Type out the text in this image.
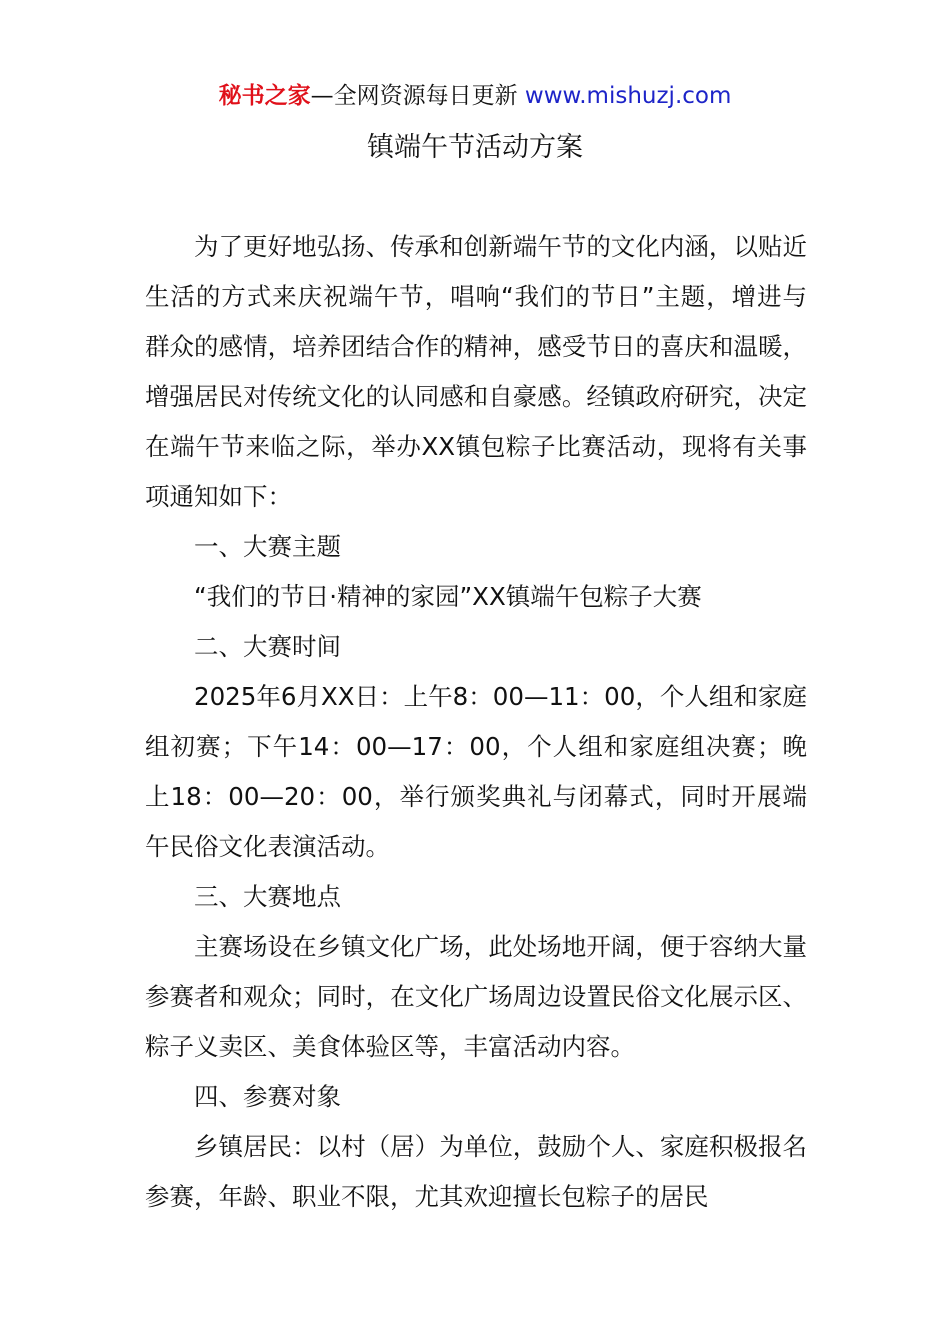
秘书之家—全网资源每日更新 www.mishuzj.com
镇端午节活动方案

为了更好地弘扬、传承和创新端午节的文化内涵，以贴近生活的方式来庆祝端午节，唱响“我们的节日”主题，增进与群众的感情，培养团结合作的精神，感受节日的喜庆和温暖，增强居民对传统文化的认同感和自豪感。经镇政府研究，决定在端午节来临之际，举办XX镇包粽子比赛活动，现将有关事项通知如下：

一、大赛主题

“我们的节日·精神的家园”XX镇端午包粽子大赛

二、大赛时间

2025年6月XX日：上午8：00—11：00，个人组和家庭组初赛；下午14：00—17：00，个人组和家庭组决赛；晚上18：00—20：00，举行颁奖典礼与闭幕式，同时开展端午民俗文化表演活动。

三、大赛地点

主赛场设在乡镇文化广场，此处场地开阔，便于容纳大量参赛者和观众；同时，在文化广场周边设置民俗文化展示区、粽子义卖区、美食体验区等，丰富活动内容。

四、参赛对象

乡镇居民：以村（居）为单位，鼓励个人、家庭积极报名参赛，年龄、职业不限，尤其欢迎擅长包粽子的居民
